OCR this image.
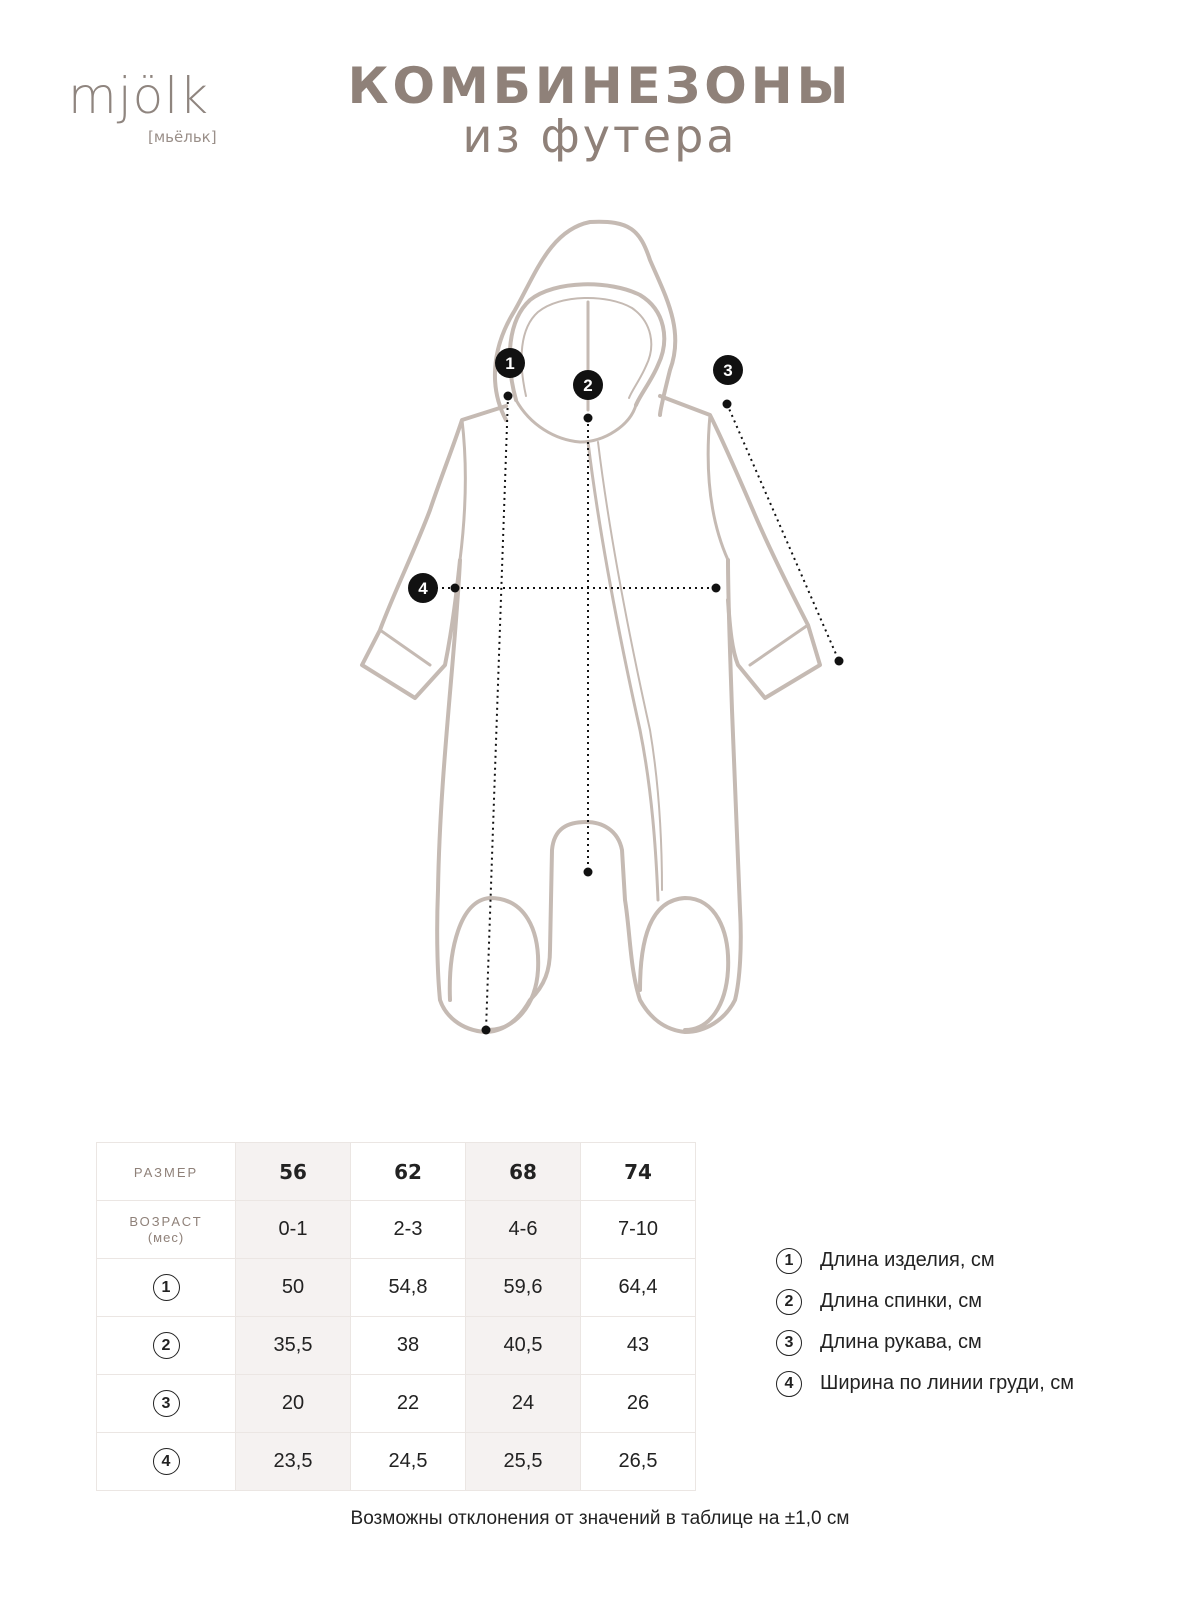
mjölk
[мьёльк]
КОМБИНЕЗОНЫ
из футера
1
2
3
4
РАЗМЕР	56	62	68	74

ВОЗРАСТ
(мес)	0-1	2-3	4-6	7-10
1	50	54,8	59,6	64,4
2	35,5	38	40,5	43
3	20	22	24	26
4	23,5	24,5	25,5	26,5
1	Длина изделия, см
2	Длина спинки, см
3	Длина рукава, см
4	Ширина по линии груди, см
Возможны отклонения от значений в таблице на ±1,0 см
